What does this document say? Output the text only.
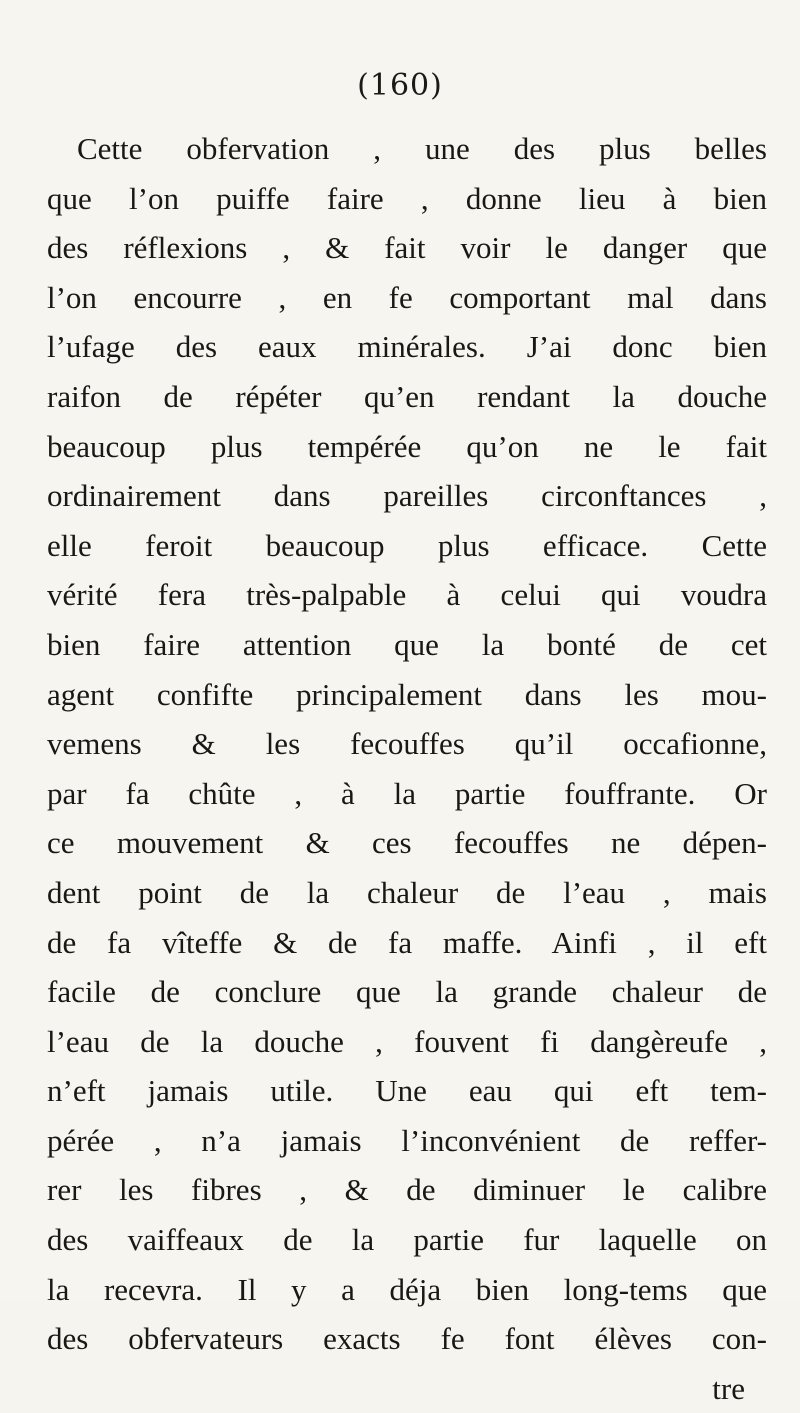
(160)
Cette obfervation , une des plus belles
que l’on puiffe faire , donne lieu à bien
des réflexions , & fait voir le danger que
l’on encourre , en fe comportant mal dans
l’ufage des eaux minérales. J’ai donc bien
raifon de répéter qu’en rendant la douche
beaucoup plus tempérée qu’on ne le fait
ordinairement dans pareilles circonftances ,
elle feroit beaucoup plus efficace. Cette
vérité fera très-palpable à celui qui voudra
bien faire attention que la bonté de cet
agent confifte principalement dans les mou-
vemens & les fecouffes qu’il occafionne,
par fa chûte , à la partie fouffrante. Or
ce mouvement & ces fecouffes ne dépen-
dent point de la chaleur de l’eau , mais
de fa vîteffe & de fa maffe. Ainfi , il eft
facile de conclure que la grande chaleur de
l’eau de la douche , fouvent fi dangèreufe ,
n’eft jamais utile. Une eau qui eft tem-
pérée , n’a jamais l’inconvénient de reffer-
rer les fibres , & de diminuer le calibre
des vaiffeaux de la partie fur laquelle on
la recevra. Il y a déja bien long-tems que
des obfervateurs exacts fe font élèves con-
tre
